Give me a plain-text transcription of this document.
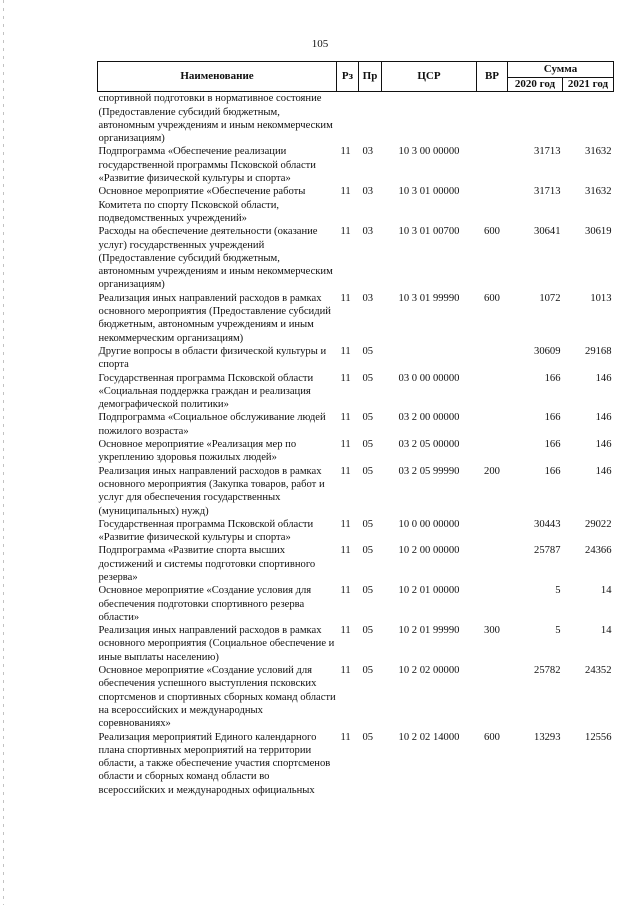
105
Наименование	Рз	Пр	ЦСР	ВР	Сумма	
					2020 год	2021 год
спортивной подготовки в нормативное состояние (Предоставление субсидий бюджетным, автономным учреждениям и иным некоммерческим организациям)						
Подпрограмма «Обеспечение реализации государственной программы Псковской области «Развитие физической культуры и спорта»	11	03	10 3 00 00000		31713	31632
Основное мероприятие «Обеспечение работы Комитета по спорту Псковской области, подведомственных учреждений»	11	03	10 3 01 00000		31713	31632
Расходы на обеспечение деятельности (оказание услуг) государственных учреждений (Предоставление субсидий бюджетным, автономным учреждениям и иным некоммерческим организациям)	11	03	10 3 01 00700	600	30641	30619
Реализация иных направлений расходов в рамках основного мероприятия (Предоставление субсидий бюджетным, автономным учреждениям и иным некоммерческим организациям)	11	03	10 3 01 99990	600	1072	1013
Другие вопросы в области физической культуры и спорта	11	05			30609	29168
Государственная программа Псковской области «Социальная поддержка граждан и реализация демографической политики»	11	05	03 0 00 00000		166	146
Подпрограмма «Социальное обслуживание людей пожилого возраста»	11	05	03 2 00 00000		166	146
Основное мероприятие «Реализация мер по укреплению здоровья пожилых людей»	11	05	03 2 05 00000		166	146
Реализация иных направлений расходов в рамках основного мероприятия (Закупка товаров, работ и услуг для обеспечения государственных (муниципальных) нужд)	11	05	03 2 05 99990	200	166	146
Государственная программа Псковской области «Развитие физической культуры и спорта»	11	05	10 0 00 00000		30443	29022
Подпрограмма «Развитие спорта высших достижений и системы подготовки спортивного резерва»	11	05	10 2 00 00000		25787	24366
Основное мероприятие «Создание условия для обеспечения подготовки спортивного резерва области»	11	05	10 2 01 00000		5	14
Реализация иных направлений расходов в рамках основного мероприятия (Социальное обеспечение и иные выплаты населению)	11	05	10 2 01 99990	300	5	14
Основное мероприятие «Создание условий для обеспечения успешного выступления псковских спортсменов и спортивных сборных команд области на всероссийских и международных соревнованиях»	11	05	10 2 02 00000		25782	24352
Реализация мероприятий Единого календарного плана спортивных мероприятий на территории области, а также обеспечение участия спортсменов области и сборных команд области во всероссийских и международных официальных	11	05	10 2 02 14000	600	13293	12556
